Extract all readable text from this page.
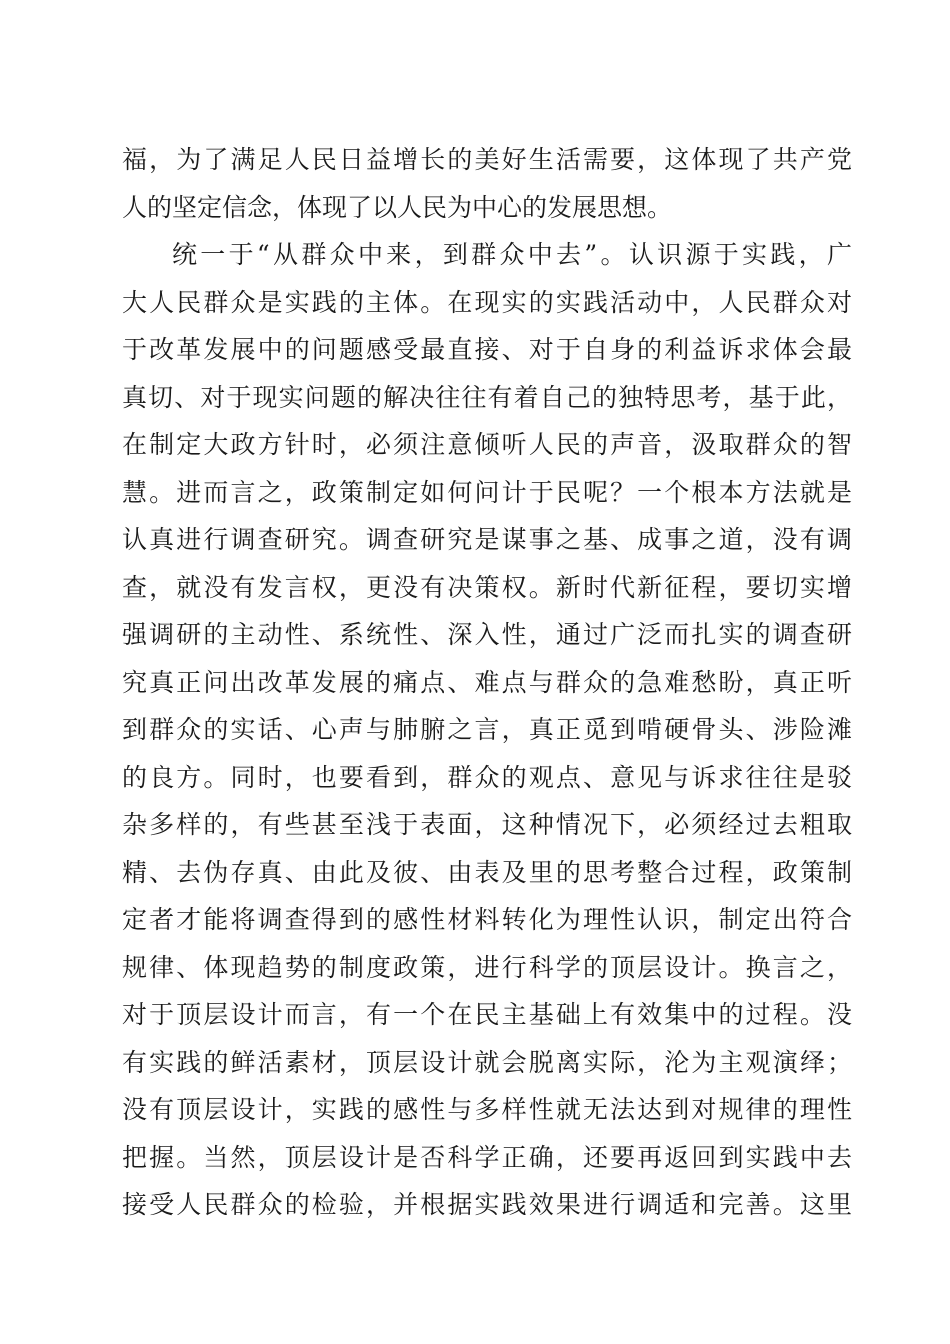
福，为了满足人民日益增长的美好生活需要，这体现了共产党
人的坚定信念，体现了以人民为中心的发展思想。
统一于“从群众中来，到群众中去”。认识源于实践，广
大人民群众是实践的主体。在现实的实践活动中，人民群众对
于改革发展中的问题感受最直接、对于自身的利益诉求体会最
真切、对于现实问题的解决往往有着自己的独特思考，基于此，
在制定大政方针时，必须注意倾听人民的声音，汲取群众的智
慧。进而言之，政策制定如何问计于民呢？一个根本方法就是
认真进行调查研究。调查研究是谋事之基、成事之道，没有调
查，就没有发言权，更没有决策权。新时代新征程，要切实增
强调研的主动性、系统性、深入性，通过广泛而扎实的调查研
究真正问出改革发展的痛点、难点与群众的急难愁盼，真正听
到群众的实话、心声与肺腑之言，真正觅到啃硬骨头、涉险滩
的良方。同时，也要看到，群众的观点、意见与诉求往往是驳
杂多样的，有些甚至浅于表面，这种情况下，必须经过去粗取
精、去伪存真、由此及彼、由表及里的思考整合过程，政策制
定者才能将调查得到的感性材料转化为理性认识，制定出符合
规律、体现趋势的制度政策，进行科学的顶层设计。换言之，
对于顶层设计而言，有一个在民主基础上有效集中的过程。没
有实践的鲜活素材，顶层设计就会脱离实际，沦为主观演绎；
没有顶层设计，实践的感性与多样性就无法达到对规律的理性
把握。当然，顶层设计是否科学正确，还要再返回到实践中去
接受人民群众的检验，并根据实践效果进行调适和完善。这里
